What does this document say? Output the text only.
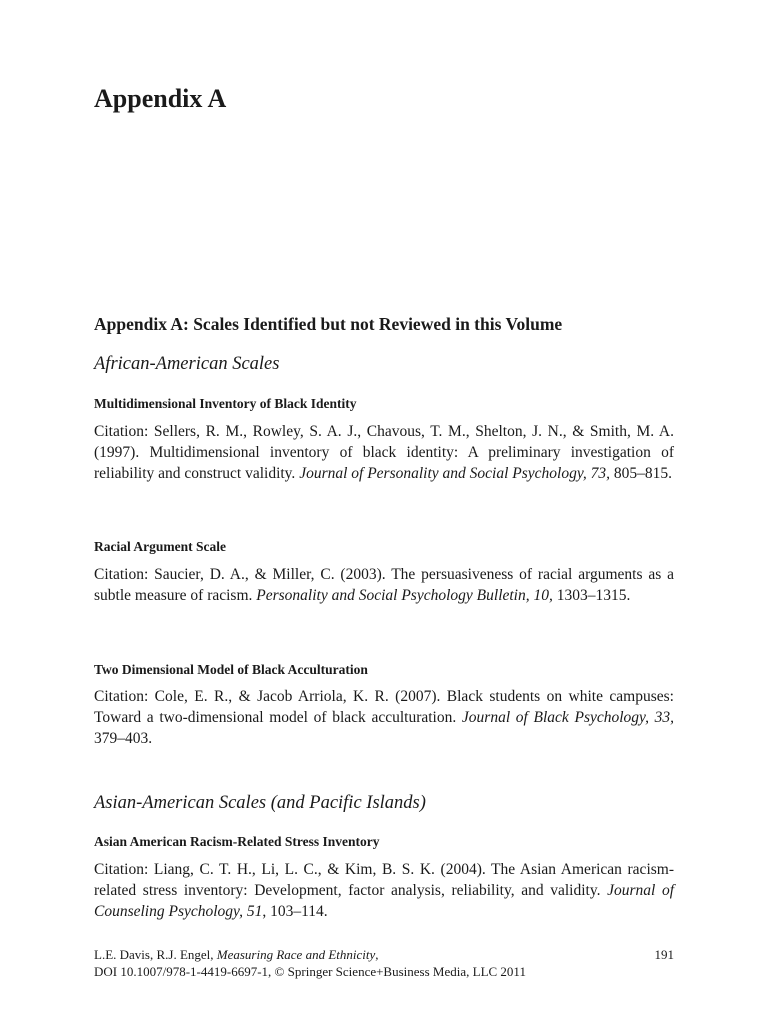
Appendix A
Appendix A: Scales Identified but not Reviewed in this Volume
African-American Scales
Multidimensional Inventory of Black Identity

Citation: Sellers, R. M., Rowley, S. A. J., Chavous, T. M., Shelton, J. N., & Smith, M. A. (1997). Multidimensional inventory of black identity: A preliminary investigation of reliability and construct validity. Journal of Personality and Social Psychology, 73, 805–815.

Racial Argument Scale

Citation: Saucier, D. A., & Miller, C. (2003). The persuasiveness of racial arguments as a subtle measure of racism. Personality and Social Psychology Bulletin, 10, 1303–1315.

Two Dimensional Model of Black Acculturation

Citation: Cole, E. R., & Jacob Arriola, K. R. (2007). Black students on white campuses: Toward a two-dimensional model of black acculturation. Journal of Black Psychology, 33, 379–403.

Asian-American Scales (and Pacific Islands)
Asian American Racism-Related Stress Inventory

Citation: Liang, C. T. H., Li, L. C., & Kim, B. S. K. (2004). The Asian American racism-related stress inventory: Development, factor analysis, reliability, and validity. Journal of Counseling Psychology, 51, 103–114.

L.E. Davis, R.J. Engel, Measuring Race and Ethnicity,
DOI 10.1007/978-1-4419-6697-1, © Springer Science+Business Media, LLC 2011
191
